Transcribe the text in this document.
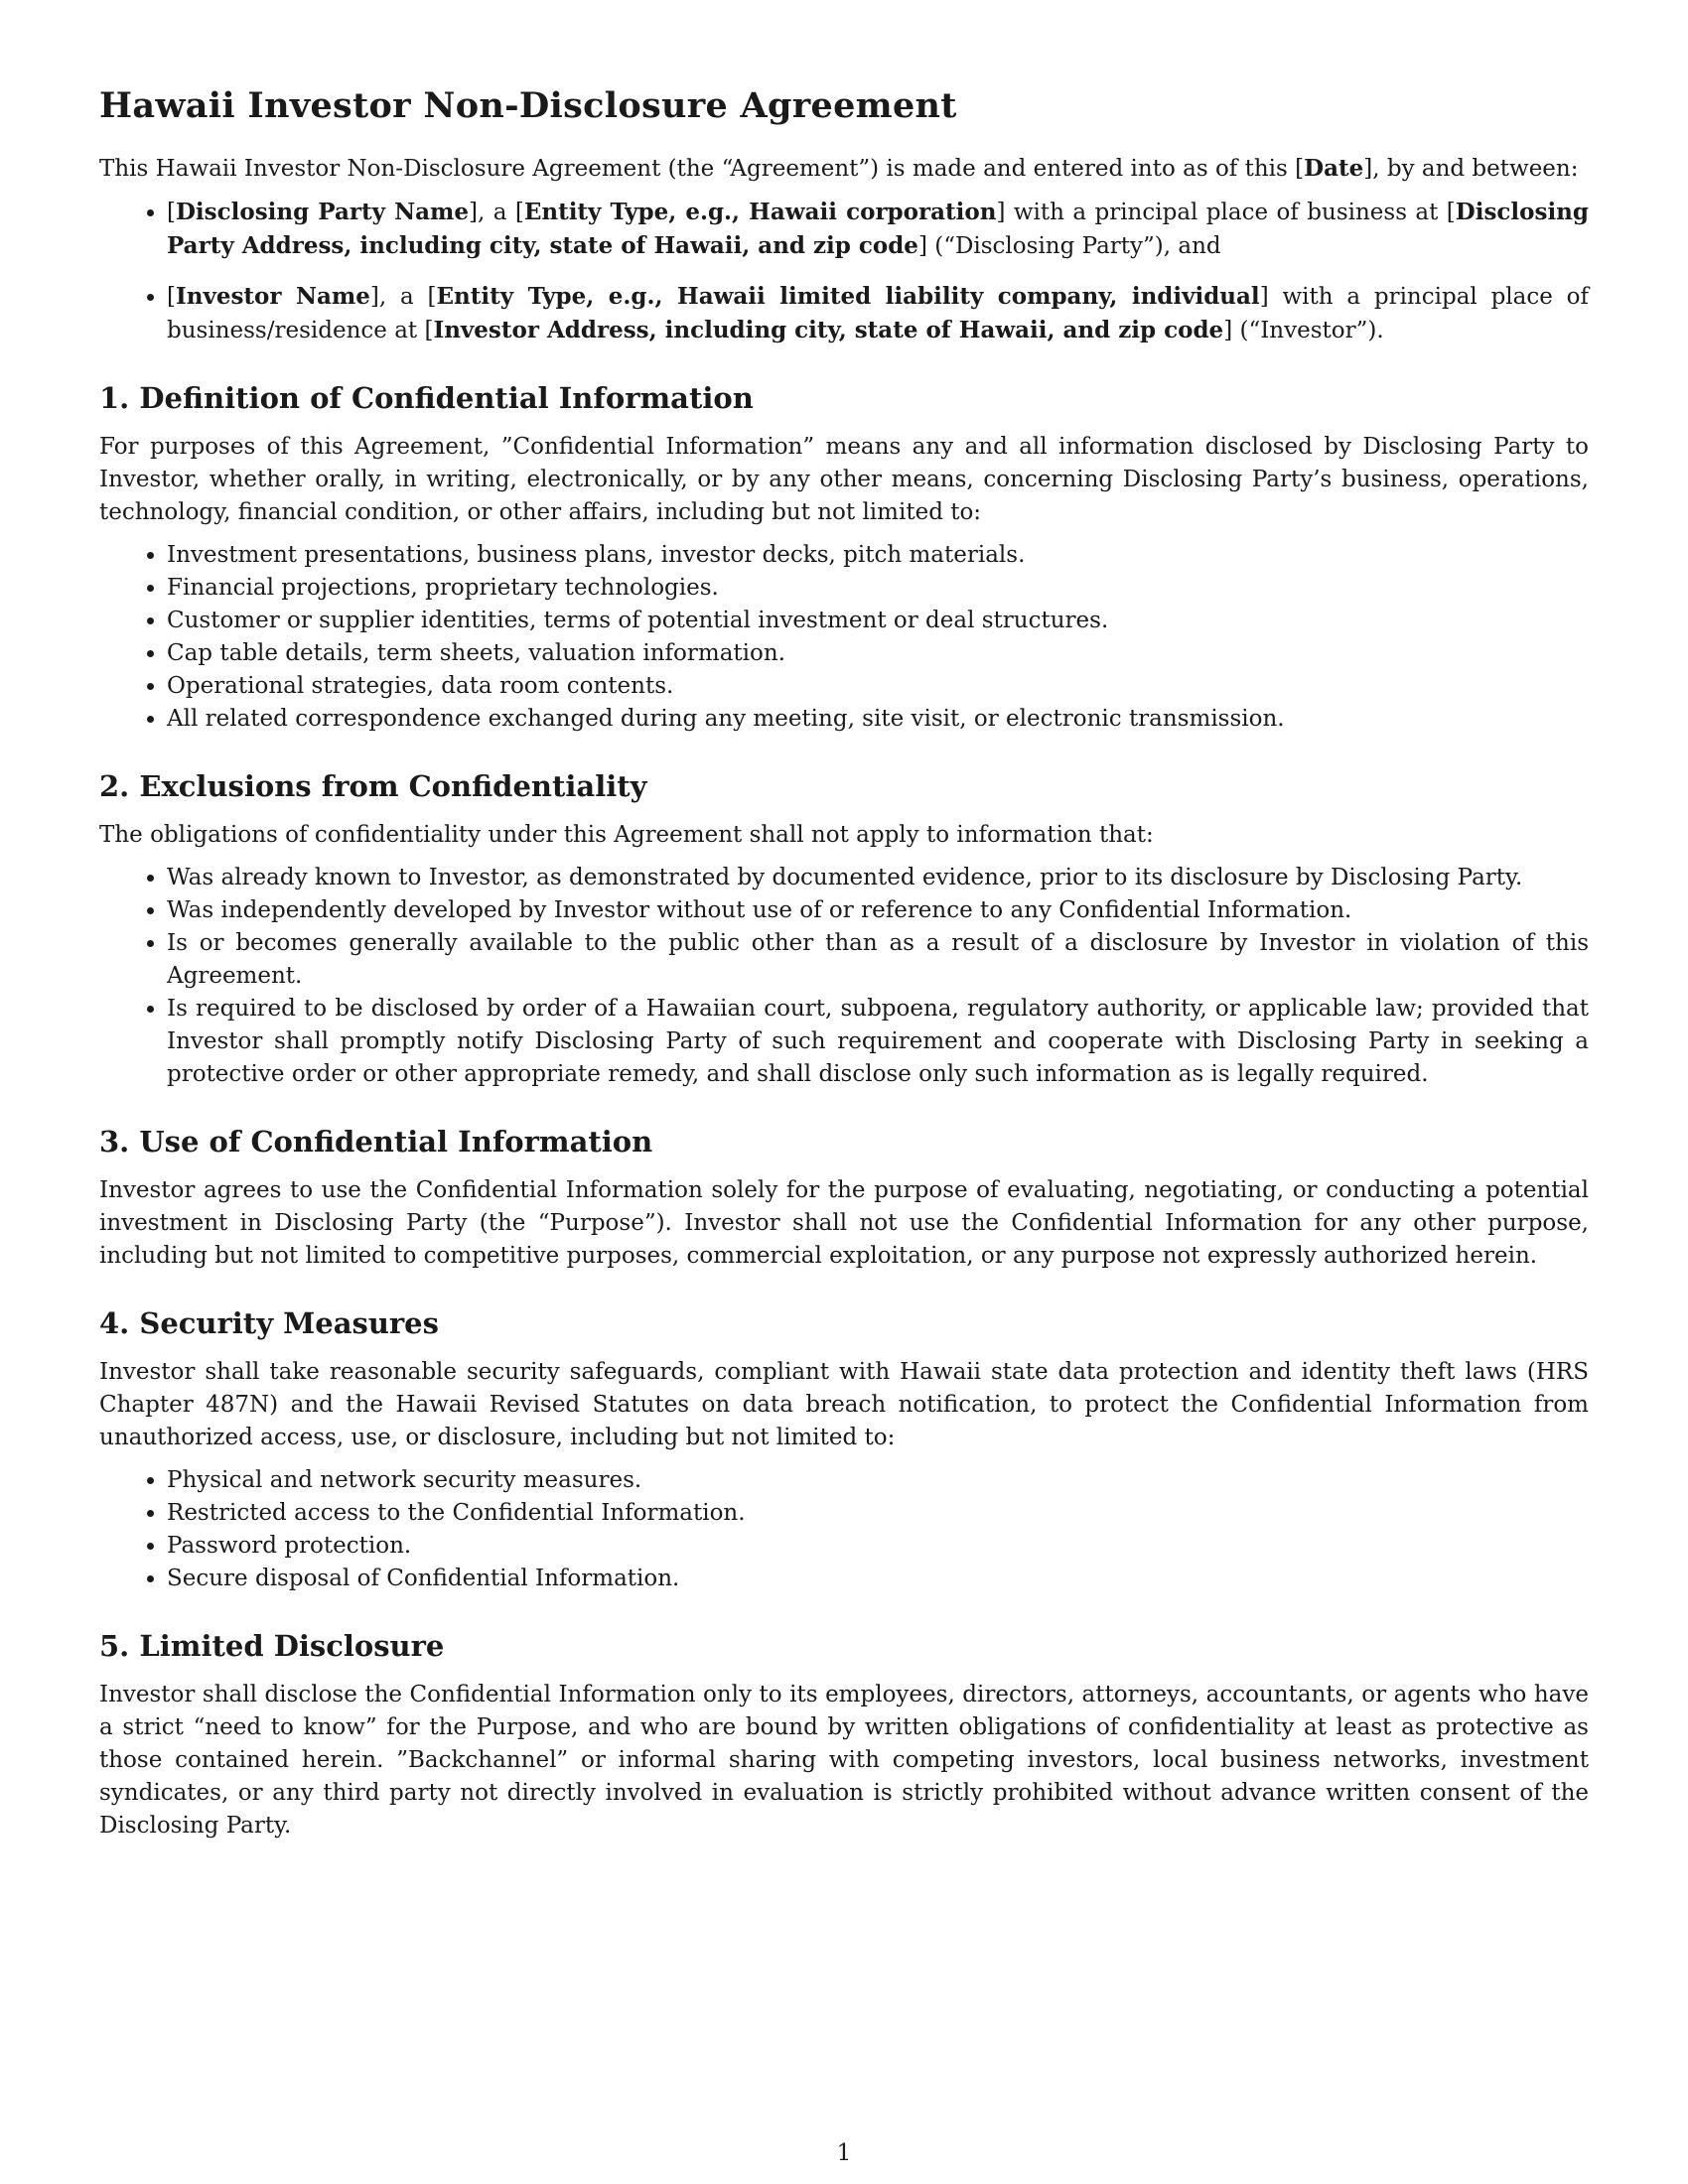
Hawaii Investor Non-Disclosure Agreement

This Hawaii Investor Non-Disclosure Agreement (the “Agreement”) is made and entered into as of this [Date], by and between:

• [Disclosing Party Name], a [Entity Type, e.g., Hawaii corporation] with a principal place of business at [Disclosing Party Address, including city, state of Hawaii, and zip code] (“Disclosing Party”), and
• [Investor Name], a [Entity Type, e.g., Hawaii limited liability company, individual] with a principal place of business/residence at [Investor Address, including city, state of Hawaii, and zip code] (“Investor”).
1. Definition of Confidential Information

For purposes of this Agreement, ”Confidential Information” means any and all information disclosed by Disclosing Party to Investor, whether orally, in writing, electronically, or by any other means, concerning Disclosing Party’s business, operations, technology, financial condition, or other affairs, including but not limited to:

• Investment presentations, business plans, investor decks, pitch materials.
• Financial projections, proprietary technologies.
• Customer or supplier identities, terms of potential investment or deal structures.
• Cap table details, term sheets, valuation information.
• Operational strategies, data room contents.
• All related correspondence exchanged during any meeting, site visit, or electronic transmission.
2. Exclusions from Confidentiality

The obligations of confidentiality under this Agreement shall not apply to information that:

• Was already known to Investor, as demonstrated by documented evidence, prior to its disclosure by Disclosing Party.
• Was independently developed by Investor without use of or reference to any Confidential Information.
• Is or becomes generally available to the public other than as a result of a disclosure by Investor in violation of this Agreement.
• Is required to be disclosed by order of a Hawaiian court, subpoena, regulatory authority, or applicable law; provided that Investor shall promptly notify Disclosing Party of such requirement and cooperate with Disclosing Party in seeking a protective order or other appropriate remedy, and shall disclose only such information as is legally required.
3. Use of Confidential Information

Investor agrees to use the Confidential Information solely for the purpose of evaluating, negotiating, or conducting a potential investment in Disclosing Party (the “Purpose”). Investor shall not use the Confidential Information for any other purpose, including but not limited to competitive purposes, commercial exploitation, or any purpose not expressly authorized herein.

4. Security Measures

Investor shall take reasonable security safeguards, compliant with Hawaii state data protection and identity theft laws (HRS Chapter 487N) and the Hawaii Revised Statutes on data breach notification, to protect the Confidential Information from unauthorized access, use, or disclosure, including but not limited to:

• Physical and network security measures.
• Restricted access to the Confidential Information.
• Password protection.
• Secure disposal of Confidential Information.
5. Limited Disclosure

Investor shall disclose the Confidential Information only to its employees, directors, attorneys, accountants, or agents who have a strict “need to know” for the Purpose, and who are bound by written obligations of confidentiality at least as protective as those contained herein. ”Backchannel” or informal sharing with competing investors, local business networks, investment syndicates, or any third party not directly involved in evaluation is strictly prohibited without advance written consent of the Disclosing Party.

1
